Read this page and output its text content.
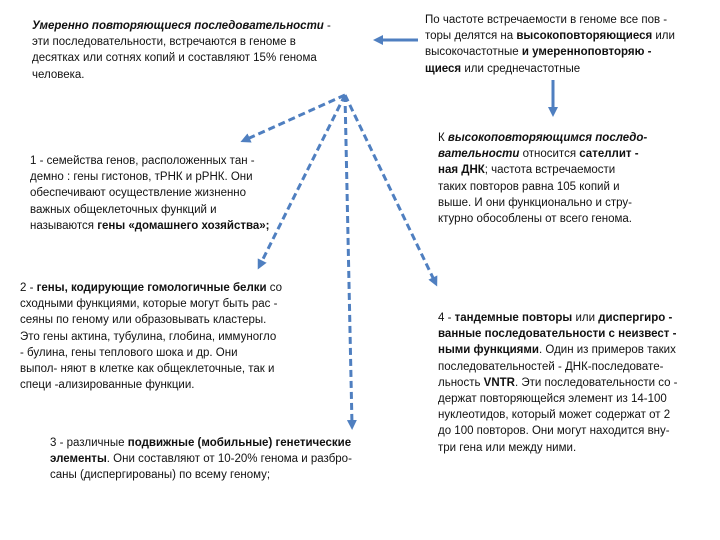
Умеренно повторяющиеся последовательности -
эти последовательности, встречаются в геноме в
десятках или сотнях копий и составляют 15% генома
человека.

По частоте встречаемости в геноме все пов -
торы делятся на высокоповторяющиеся или
высокочастотные и умеренноповторяю -
щиеся или среднечастотные

1 - семейства генов, расположенных тан -
демно : гены гистонов, тРНК и рРНК. Они
обеспечивают осуществление жизненно
важных общеклеточных функций и
называются гены «домашнего хозяйства»;

К высокоповторяющимся последо-
вательности относится сателлит -
ная ДНК; частота встречаемости
таких повторов равна 105 копий и
выше. И они функционально и стру-
ктурно обособлены от всего генома.

2 - гены, кодирующие гомологичные белки со
сходными функциями, которые могут быть рас -
сеяны по геному или образовывать кластеры.
Это гены актина, тубулина, глобина, иммуногло
- булина, гены теплового шока и др. Они
выпол- няют в клетке как общеклеточные, так и
специ -ализированные функции.

4 - тандемные повторы или диспергиро -
ванные последовательности с неизвест -
ными функциями. Один из примеров таких
последовательностей - ДНК-последовате-
льность VNTR. Эти последовательности со -
держат повторяющейся элемент из 14-100
нуклеотидов, который может содержат от 2
до 100 повторов. Они могут находится вну-
три гена или между ними.

3 - различные подвижные (мобильные) генетические
элементы. Они составляют от 10-20% генома и разбро-
саны (диспергированы) по всему геному;
